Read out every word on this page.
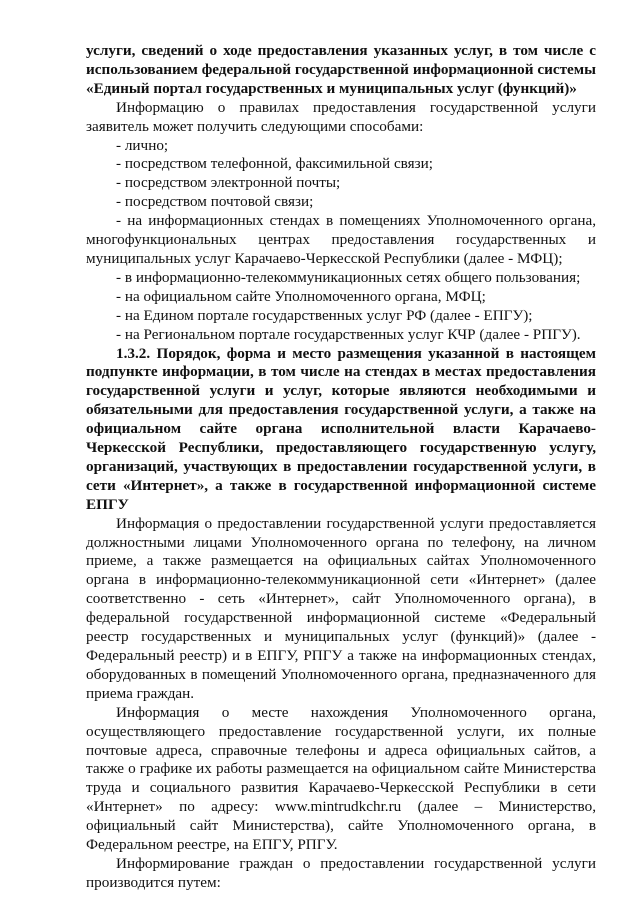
услуги, сведений о ходе предоставления указанных услуг, в том числе с использованием федеральной государственной информационной системы «Единый портал государственных и муниципальных услуг (функций)»

Информацию о правилах предоставления государственной услуги заявитель может получить следующими способами:

- лично;

- посредством телефонной, факсимильной связи;

- посредством электронной почты;

- посредством почтовой связи;

- на информационных стендах в помещениях Уполномоченного органа, многофункциональных центрах предоставления государственных и муниципальных услуг Карачаево-Черкесской Республики (далее - МФЦ);

- в информационно-телекоммуникационных сетях общего пользования;

- на официальном сайте Уполномоченного органа, МФЦ;

- на Едином портале государственных услуг РФ (далее - ЕПГУ);

- на Региональном портале государственных услуг КЧР (далее - РПГУ).

1.3.2. Порядок, форма и место размещения указанной в настоящем подпункте информации, в том числе на стендах в местах предоставления государственной услуги и услуг, которые являются необходимыми и обязательными для предоставления государственной услуги, а также на официальном сайте органа исполнительной власти Карачаево-Черкесской Республики, предоставляющего государственную услугу, организаций, участвующих в предоставлении государственной услуги, в сети «Интернет», а также в государственной информационной системе ЕПГУ

Информация о предоставлении государственной услуги предоставляется должностными лицами Уполномоченного органа по телефону, на личном приеме, а также размещается на официальных сайтах Уполномоченного органа в информационно-телекоммуникационной сети «Интернет» (далее соответственно - сеть «Интернет», сайт Уполномоченного органа), в федеральной государственной информационной системе «Федеральный реестр государственных и муниципальных услуг (функций)» (далее - Федеральный реестр) и в ЕПГУ, РПГУ а также на информационных стендах, оборудованных в помещений Уполномоченного органа, предназначенного для приема граждан.

Информация о месте нахождения Уполномоченного органа, осуществляющего предоставление государственной услуги, их полные почтовые адреса, справочные телефоны и адреса официальных сайтов, а также о графике их работы размещается на официальном сайте Министерства труда и социального развития Карачаево-Черкесской Республики в сети «Интернет» по адресу: www.mintrudkchr.ru (далее – Министерство, официальный сайт Министерства), сайте Уполномоченного органа, в Федеральном реестре, на ЕПГУ, РПГУ.

Информирование граждан о предоставлении государственной услуги производится путем:
